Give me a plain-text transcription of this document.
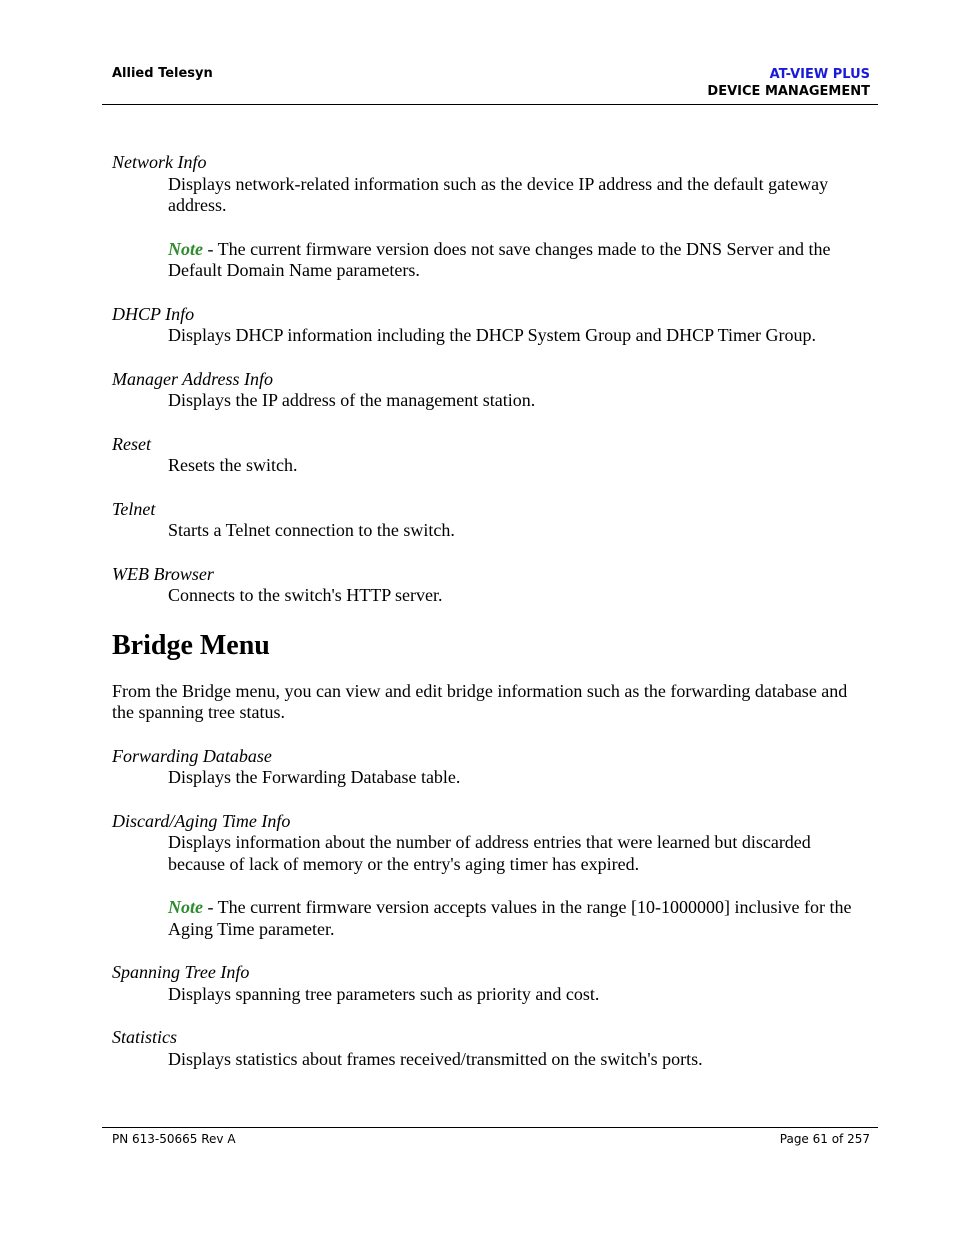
Allied Telesyn	AT-VIEW PLUS
DEVICE MANAGEMENT

Network Info

Displays network-related information such as the device IP address and the default gateway address.

Note - The current firmware version does not save changes made to the DNS Server and the Default Domain Name parameters.

DHCP Info

Displays DHCP information including the DHCP System Group and DHCP Timer Group.

Manager Address Info

Displays the IP address of the management station.

Reset

Resets the switch.

Telnet

Starts a Telnet connection to the switch.

WEB Browser

Connects to the switch's HTTP server.

Bridge Menu

From the Bridge menu, you can view and edit bridge information such as the forwarding database and the spanning tree status.

Forwarding Database

Displays the Forwarding Database table.

Discard/Aging Time Info

Displays information about the number of address entries that were learned but discarded because of lack of memory or the entry's aging timer has expired.

Note - The current firmware version accepts values in the range [10-1000000] inclusive for the Aging Time parameter.

Spanning Tree Info

Displays spanning tree parameters such as priority and cost.

Statistics

Displays statistics about frames received/transmitted on the switch's ports.

PN 613-50665 Rev A	Page 61 of 257
